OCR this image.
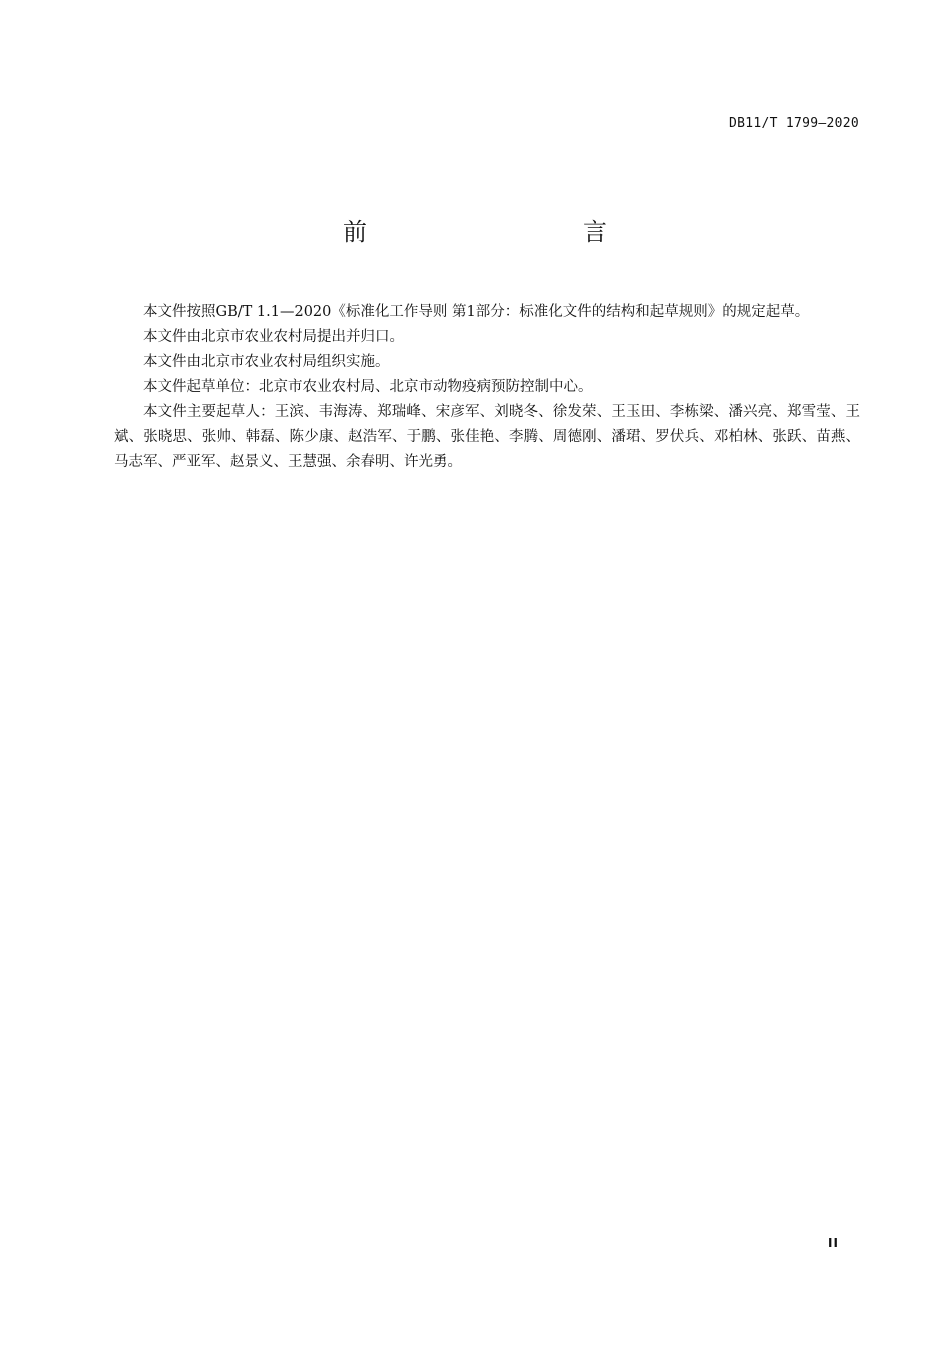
DB11/T 1799—2020
前　　言

本文件按照GB/T 1.1—2020《标准化工作导则 第1部分：标准化文件的结构和起草规则》的规定起草。

本文件由北京市农业农村局提出并归口。

本文件由北京市农业农村局组织实施。

本文件起草单位：北京市农业农村局、北京市动物疫病预防控制中心。

本文件主要起草人：王滨、韦海涛、郑瑞峰、宋彦军、刘晓冬、徐发荣、王玉田、李栋梁、潘兴亮、郑雪莹、王斌、张晓思、张帅、韩磊、陈少康、赵浩军、于鹏、张佳艳、李腾、周德刚、潘珺、罗伏兵、邓柏林、张跃、苗燕、马志军、严亚军、赵景义、王慧强、余春明、许光勇。

II
